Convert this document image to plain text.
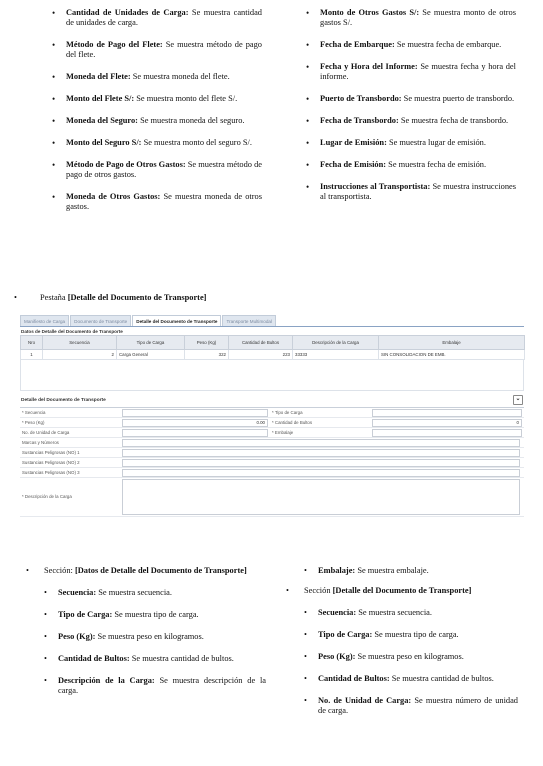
• Cantidad de Unidades de Carga: Se muestra cantidad de unidades de carga.
• Método de Pago del Flete: Se muestra método de pago del flete.
• Moneda del Flete: Se muestra moneda del flete.
• Monto del Flete S/: Se muestra monto del flete S/.
• Moneda del Seguro: Se muestra moneda del seguro.
• Monto del Seguro S/: Se muestra monto del seguro S/.
• Método de Pago de Otros Gastos: Se muestra método de pago de otros gastos.
• Moneda de Otros Gastos: Se muestra moneda de otros gastos.
• Monto de Otros Gastos S/: Se muestra monto de otros gastos S/.
• Fecha de Embarque: Se muestra fecha de embarque.
• Fecha y Hora del Informe: Se muestra fecha y hora del informe.
• Puerto de Transbordo: Se muestra puerto de transbordo.
• Fecha de Transbordo: Se muestra fecha de transbordo.
• Lugar de Emisión: Se muestra lugar de emisión.
• Fecha de Emisión: Se muestra fecha de emisión.
• Instrucciones al Transportista: Se muestra instrucciones al transportista.
•	Pestaña [Detalle del Documento de Transporte]
Manifiesto de Carga	Documento de Transporte	Detalle del Documento de Transporte	Transporte Multimodal
Datos de Detalle del Documento de Transporte
Nro	Secuencia	Tipo de Carga	Peso (Kg)	Cantidad de Bultos	Descripción de la Carga	Embalaje
1	2	Carga General	322	223	33333	SIN CONSOLIDACION DE EMB.
Detalle del Documento de Transporte	⌄
* Secuencia	* Tipo de Carga
* Peso (Kg)	0.00	* Cantidad de Bultos	0
No. de Unidad de Carga	* Embalaje
Marcas y Números
Sustancias Peligrosas (NO) 1
Sustancias Peligrosas (NO) 2
Sustancias Peligrosas (NO) 3
* Descripción de la Carga
• Sección: [Datos de Detalle del Documento de Transporte]
• Secuencia: Se muestra secuencia.
• Tipo de Carga: Se muestra tipo de carga.
• Peso (Kg): Se muestra peso en kilogramos.
• Cantidad de Bultos: Se muestra cantidad de bultos.
• Descripción de la Carga: Se muestra descripción de la carga.
• Embalaje: Se muestra embalaje.
• Sección [Detalle del Documento de Transporte]
• Secuencia: Se muestra secuencia.
• Tipo de Carga: Se muestra tipo de carga.
• Peso (Kg): Se muestra peso en kilogramos.
• Cantidad de Bultos: Se muestra cantidad de bultos.
• No. de Unidad de Carga: Se muestra número de unidad de carga.
